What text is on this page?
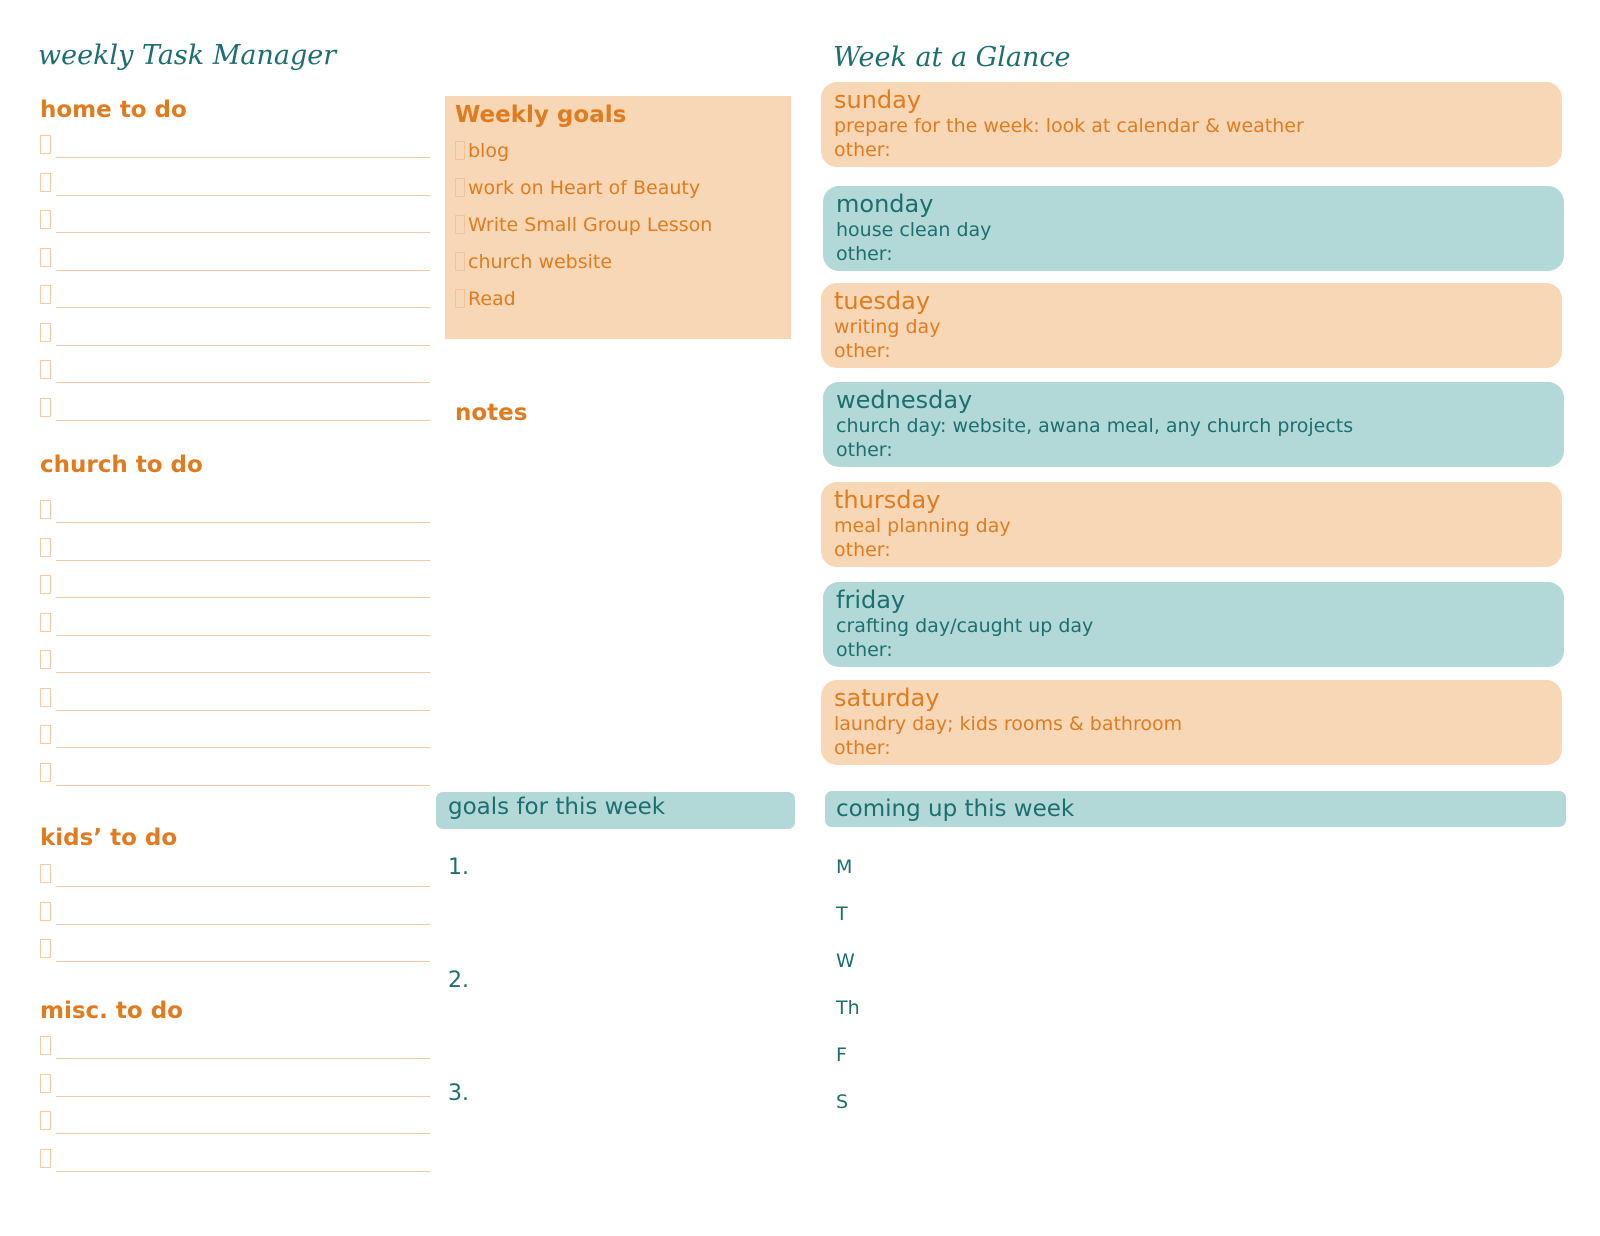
weekly Task Manager
home to do
church to do
kids’ to do
misc. to do
Weekly goals
blog
work on Heart of Beauty
Write Small Group Lesson
church website
Read
notes
goals for this week
1.
2.
3.
Week at a Glance
sunday
prepare for the week: look at calendar & weather
other:
monday
house clean day
other:
tuesday
writing day
other:
wednesday
church day: website, awana meal, any church projects
other:
thursday
meal planning day
other:
friday
crafting day/caught up day
other:
saturday
laundry day; kids rooms & bathroom
other:
coming up this week
M
T
W
Th
F
S
